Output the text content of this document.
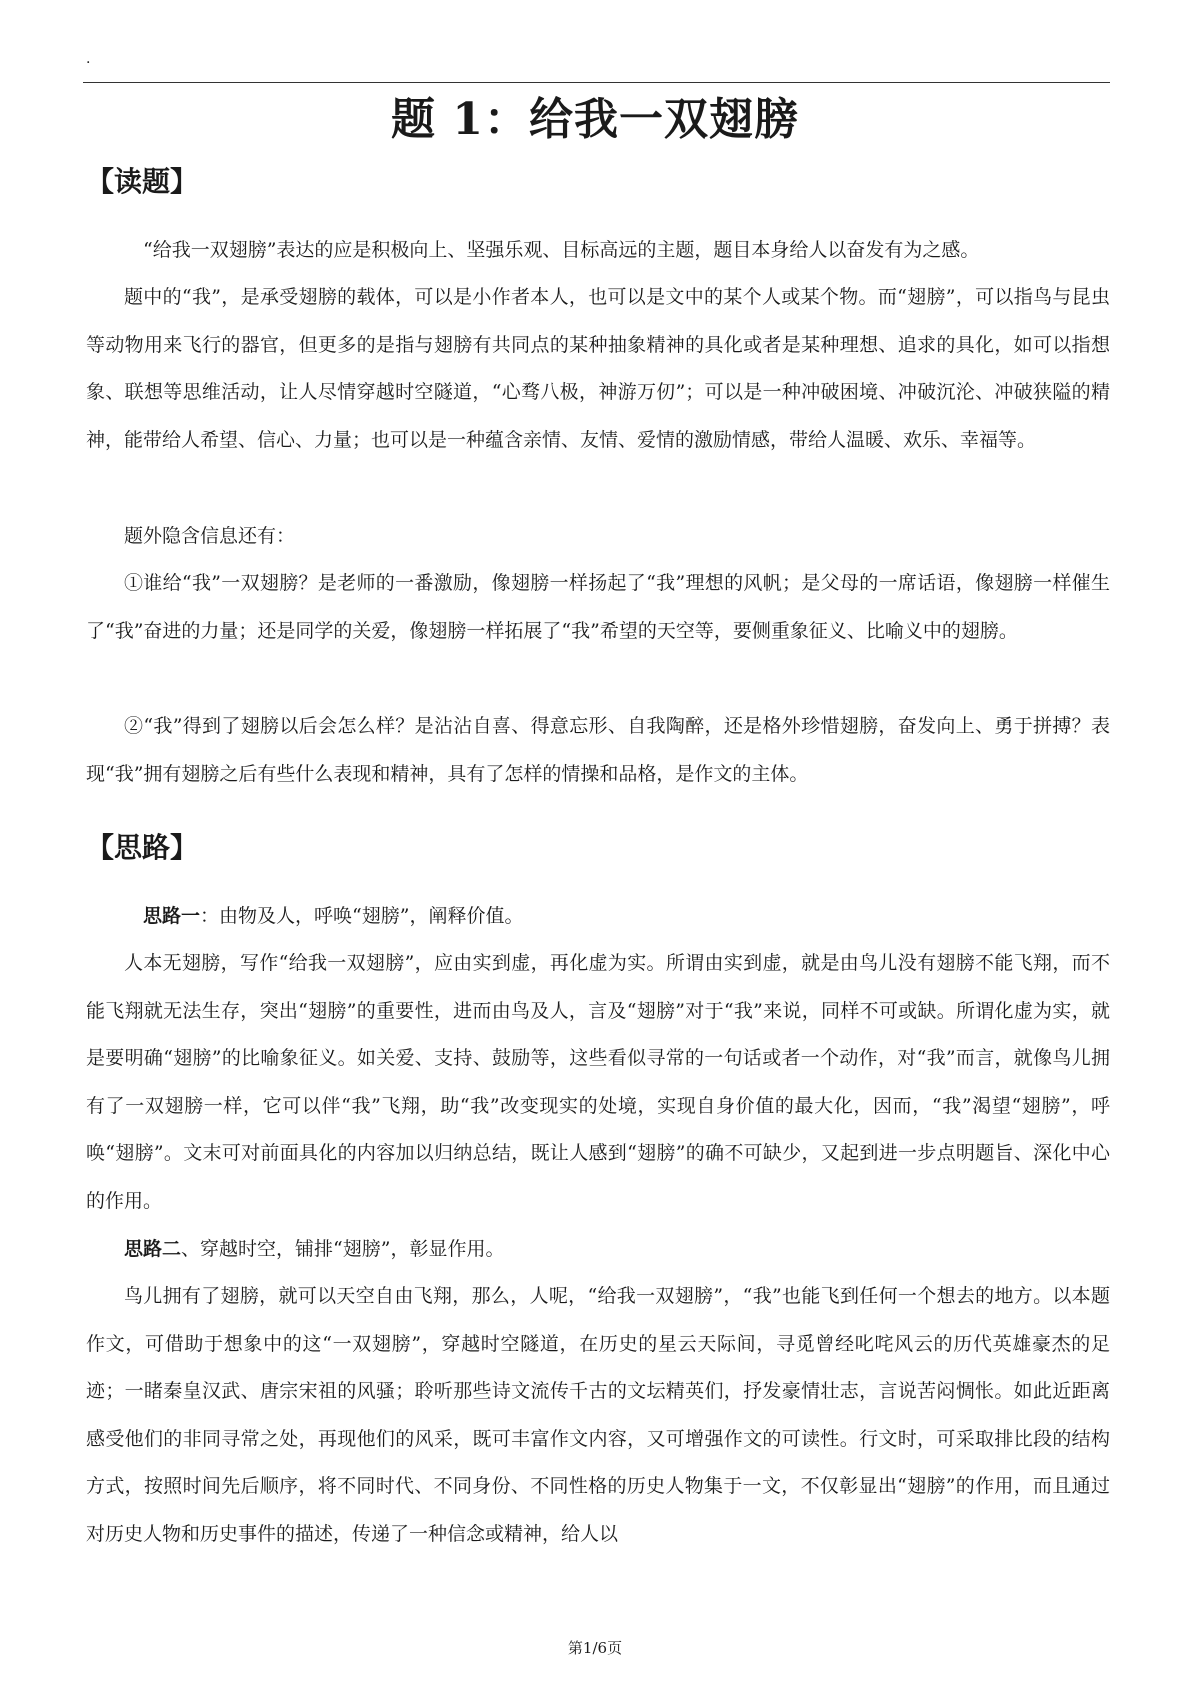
.
题 1：给我一双翅膀
【读题】

“给我一双翅膀”表达的应是积极向上、坚强乐观、目标高远的主题，题目本身给人以奋发有为之感。

题中的“我”，是承受翅膀的载体，可以是小作者本人，也可以是文中的某个人或某个物。而“翅膀”，可以指鸟与昆虫等动物用来飞行的器官，但更多的是指与翅膀有共同点的某种抽象精神的具化或者是某种理想、追求的具化，如可以指想象、联想等思维活动，让人尽情穿越时空隧道，“心骛八极，神游万仞”；可以是一种冲破困境、冲破沉沦、冲破狭隘的精神，能带给人希望、信心、力量；也可以是一种蕴含亲情、友情、爱情的激励情感，带给人温暖、欢乐、幸福等。

题外隐含信息还有：

①谁给“我”一双翅膀？是老师的一番激励，像翅膀一样扬起了“我”理想的风帆；是父母的一席话语，像翅膀一样催生了“我”奋进的力量；还是同学的关爱，像翅膀一样拓展了“我”希望的天空等，要侧重象征义、比喻义中的翅膀。

②“我”得到了翅膀以后会怎么样？是沾沾自喜、得意忘形、自我陶醉，还是格外珍惜翅膀，奋发向上、勇于拼搏？表现“我”拥有翅膀之后有些什么表现和精神，具有了怎样的情操和品格，是作文的主体。

【思路】

思路一：由物及人，呼唤“翅膀”，阐释价值。

人本无翅膀，写作“给我一双翅膀”，应由实到虚，再化虚为实。所谓由实到虚，就是由鸟儿没有翅膀不能飞翔，而不能飞翔就无法生存，突出“翅膀”的重要性，进而由鸟及人，言及“翅膀”对于“我”来说，同样不可或缺。所谓化虚为实，就是要明确“翅膀”的比喻象征义。如关爱、支持、鼓励等，这些看似寻常的一句话或者一个动作，对“我”而言，就像鸟儿拥有了一双翅膀一样，它可以伴“我”飞翔，助“我”改变现实的处境，实现自身价值的最大化，因而，“我”渴望“翅膀”，呼唤“翅膀”。文末可对前面具化的内容加以归纳总结，既让人感到“翅膀”的确不可缺少，又起到进一步点明题旨、深化中心的作用。

思路二、穿越时空，铺排“翅膀”，彰显作用。

鸟儿拥有了翅膀，就可以天空自由飞翔，那么，人呢，“给我一双翅膀”，“我”也能飞到任何一个想去的地方。以本题作文，可借助于想象中的这“一双翅膀”，穿越时空隧道，在历史的星云天际间，寻觅曾经叱咤风云的历代英雄豪杰的足迹；一睹秦皇汉武、唐宗宋祖的风骚；聆听那些诗文流传千古的文坛精英们，抒发豪情壮志，言说苦闷惆怅。如此近距离感受他们的非同寻常之处，再现他们的风采，既可丰富作文内容，又可增强作文的可读性。行文时，可采取排比段的结构方式，按照时间先后顺序，将不同时代、不同身份、不同性格的历史人物集于一文，不仅彰显出“翅膀”的作用，而且通过对历史人物和历史事件的描述，传递了一种信念或精神，给人以

第1/6页
